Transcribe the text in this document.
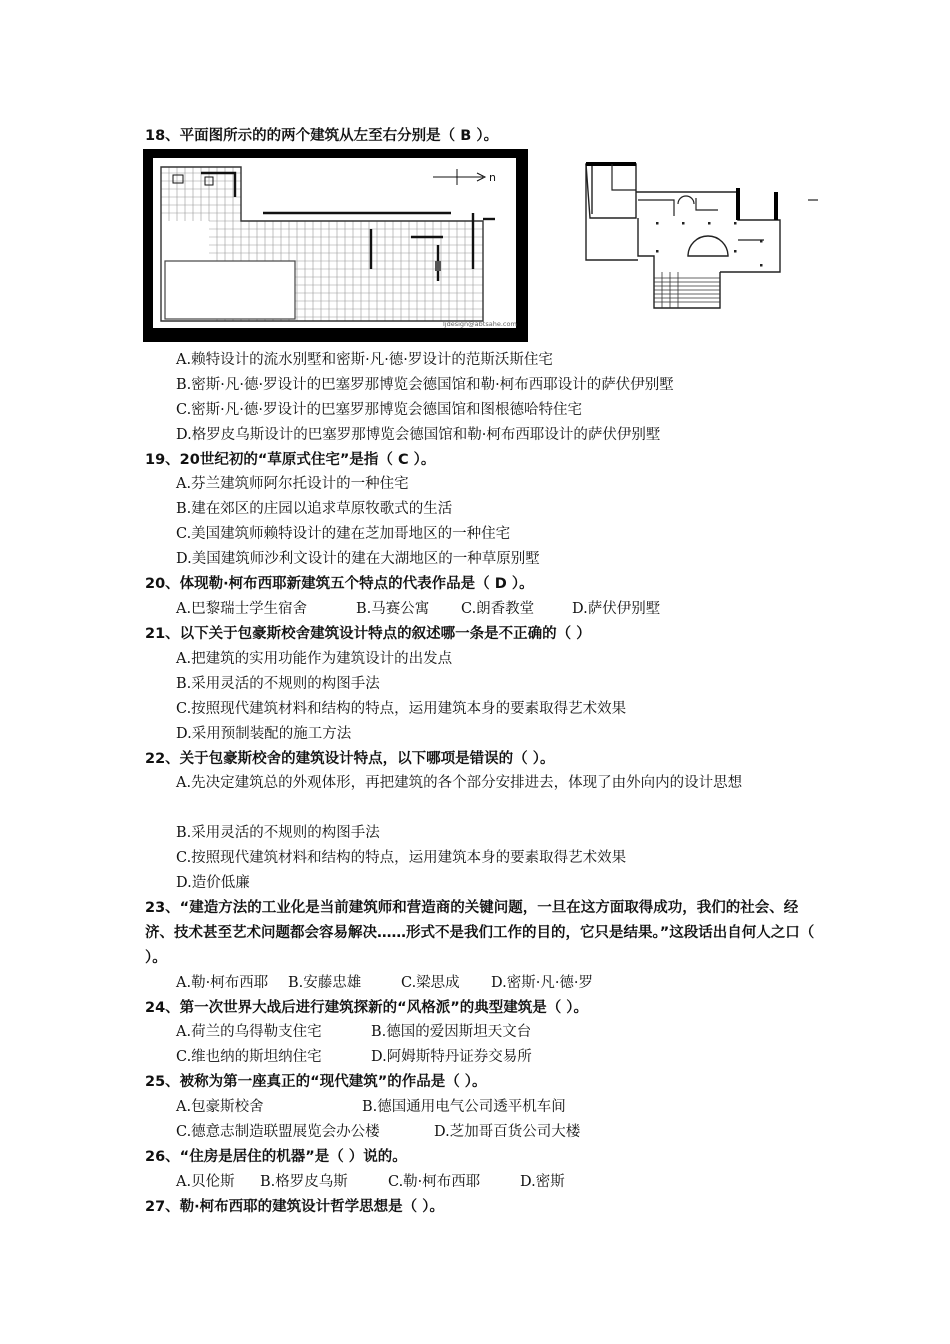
18、平面图所示的的两个建筑从左至右分别是（ B ）。
n
ljdesign@abtsahe.com
A.赖特设计的流水别墅和密斯·凡·德·罗设计的范斯沃斯住宅
B.密斯·凡·德·罗设计的巴塞罗那博览会德国馆和勒·柯布西耶设计的萨伏伊别墅
C.密斯·凡·德·罗设计的巴塞罗那博览会德国馆和图根德哈特住宅
D.格罗皮乌斯设计的巴塞罗那博览会德国馆和勒·柯布西耶设计的萨伏伊别墅
19、20世纪初的“草原式住宅”是指（ C ）。
A.芬兰建筑师阿尔托设计的一种住宅
B.建在郊区的庄园以追求草原牧歌式的生活
C.美国建筑师赖特设计的建在芝加哥地区的一种住宅
D.美国建筑师沙利文设计的建在大湖地区的一种草原别墅
20、体现勒·柯布西耶新建筑五个特点的代表作品是（ D ）。
A.巴黎瑞士学生宿舍	B.马赛公寓 C.朗香教堂	D.萨伏伊别墅
21、以下关于包豪斯校舍建筑设计特点的叙述哪一条是不正确的（ ）
A.把建筑的实用功能作为建筑设计的出发点
B.采用灵活的不规则的构图手法
C.按照现代建筑材料和结构的特点，运用建筑本身的要素取得艺术效果
D.采用预制装配的施工方法
22、关于包豪斯校舍的建筑设计特点，以下哪项是错误的（ ）。
A.先决定建筑总的外观体形，再把建筑的各个部分安排进去，体现了由外向内的设计思想
B.采用灵活的不规则的构图手法
C.按照现代建筑材料和结构的特点，运用建筑本身的要素取得艺术效果
D.造价低廉
23、“建造方法的工业化是当前建筑师和营造商的关键问题，一旦在这方面取得成功，我们的社会、经济、技术甚至艺术问题都会容易解决……形式不是我们工作的目的，它只是结果。”这段话出自何人之口（ ）。
A.勒·柯布西耶 B.安藤忠雄	C.梁思成 D.密斯·凡·德·罗
24、第一次世界大战后进行建筑探新的“风格派”的典型建筑是（ ）。
A.荷兰的乌得勒支住宅	B.德国的爱因斯坦天文台
C.维也纳的斯坦纳住宅	D.阿姆斯特丹证券交易所
25、被称为第一座真正的“现代建筑”的作品是（ ）。
A.包豪斯校舍	B.德国通用电气公司透平机车间
C.德意志制造联盟展览会办公楼	D.芝加哥百货公司大楼
26、“住房是居住的机器”是（ ）说的。
A.贝伦斯 B.格罗皮乌斯	C.勒·柯布西耶	D.密斯
27、勒·柯布西耶的建筑设计哲学思想是（ ）。
